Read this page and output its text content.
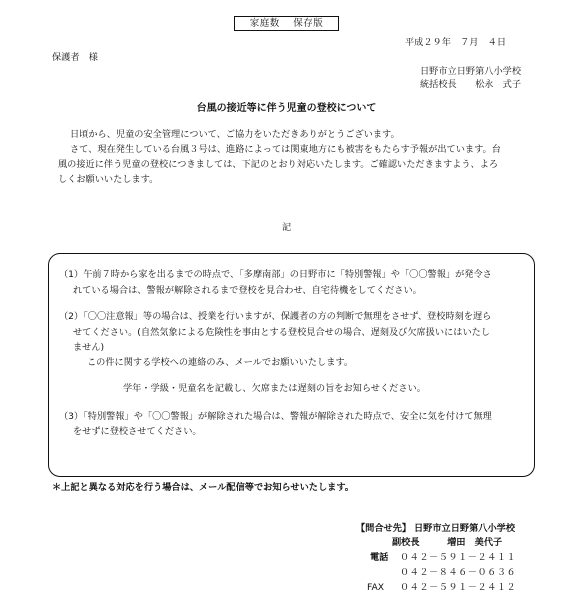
家庭数　 保存版
平成２９年　７月　４日
保護者　様
日野市立日野第八小学校
統括校長　　松永　式子
台風の接近等に伴う児童の登校について
日頃から、児童の安全管理について、ご協力をいただきありがとうございます。
さて、現在発生している台風３号は、進路によっては関東地方にも被害をもたらす予報が出ています。台
風の接近に伴う児童の登校につきましては、下記のとおり対応いたします。ご確認いただきますよう、よろ
しくお願いいたします。
記
（1）午前７時から家を出るまでの時点で、「多摩南部」の日野市に「特別警報」や「〇〇警報」が発令さ
れている場合は、警報が解除されるまで登校を見合わせ、自宅待機をしてください。
（2）「〇〇注意報」等の場合は、授業を行いますが、保護者の方の判断で無理をさせず、登校時刻を遅ら
せてください。(自然気象による危険性を事由とする登校見合せの場合、遅刻及び欠席扱いにはいたし
ません)
この件に関する学校への連絡のみ、メールでお願いいたします。
学年・学級・児童名を記載し、欠席または遅刻の旨をお知らせください。
（3）「特別警報」や「〇〇警報」が解除された場合は、警報が解除された時点で、安全に気を付けて無理
をせずに登校させてください。
＊上記と異なる対応を行う場合は、メール配信等でお知らせいたします。
【問合せ先】 日野市立日野第八小学校
副校長　　　増田　美代子
電話 ０４２－５９１－２４１１
０４２－８４６－０６３６
FAX ０４２－５９１－２４１２
